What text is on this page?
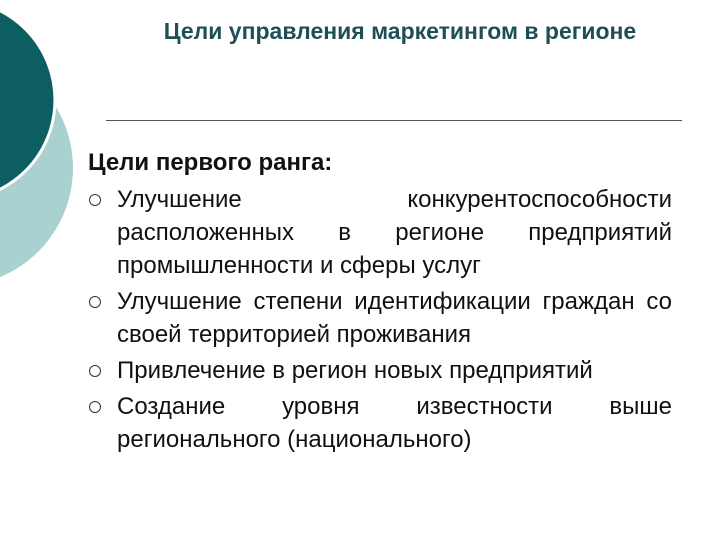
Цели управления маркетингом в регионе
Цели первого ранга:
Улучшение конкурентоспособности расположенных в регионе предприятий промышленности и сферы услуг
Улучшение степени идентификации граждан со своей территорией проживания
Привлечение в регион новых предприятий
Создание уровня известности выше регионального (национального)
